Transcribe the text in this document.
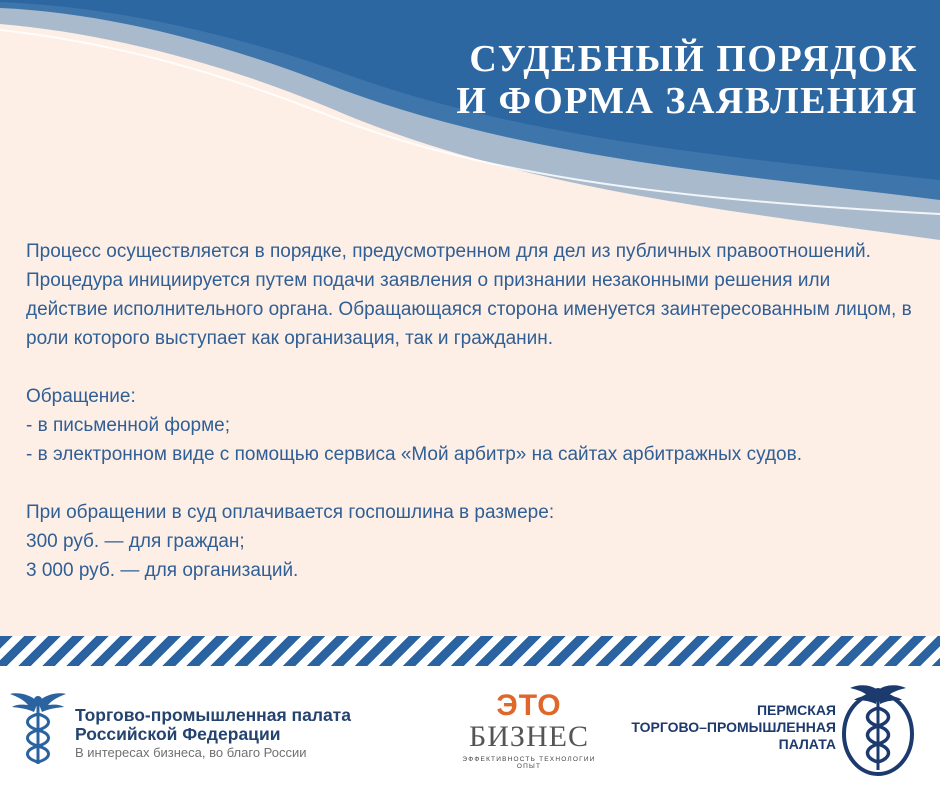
СУДЕБНЫЙ ПОРЯДОК
И ФОРМА ЗАЯВЛЕНИЯ

Процесс осуществляется в порядке, предусмотренном для дел из публичных правоотношений. Процедура инициируется путем подачи заявления о признании незаконными решения или действие исполнительного органа. Обращающаяся сторона именуется заинтересованным лицом, в роли которого выступает как организация, так и гражданин.

Обращение:

- в письменной форме;

- в электронном виде с помощью сервиса «Мой арбитр» на сайтах арбитражных судов.

При обращении в суд оплачивается госпошлина в размере:

300 руб. — для граждан;

3 000 руб. — для организаций.

Торгово-промышленная палата
Российской Федерации
В интересах бизнеса, во благо России
ЭТО
БИЗНЕС
ЭФФЕКТИВНОСТЬ ТЕХНОЛОГИИ ОПЫТ
ПЕРМСКАЯ
ТОРГОВО–ПРОМЫШЛЕННАЯ
ПАЛАТА
